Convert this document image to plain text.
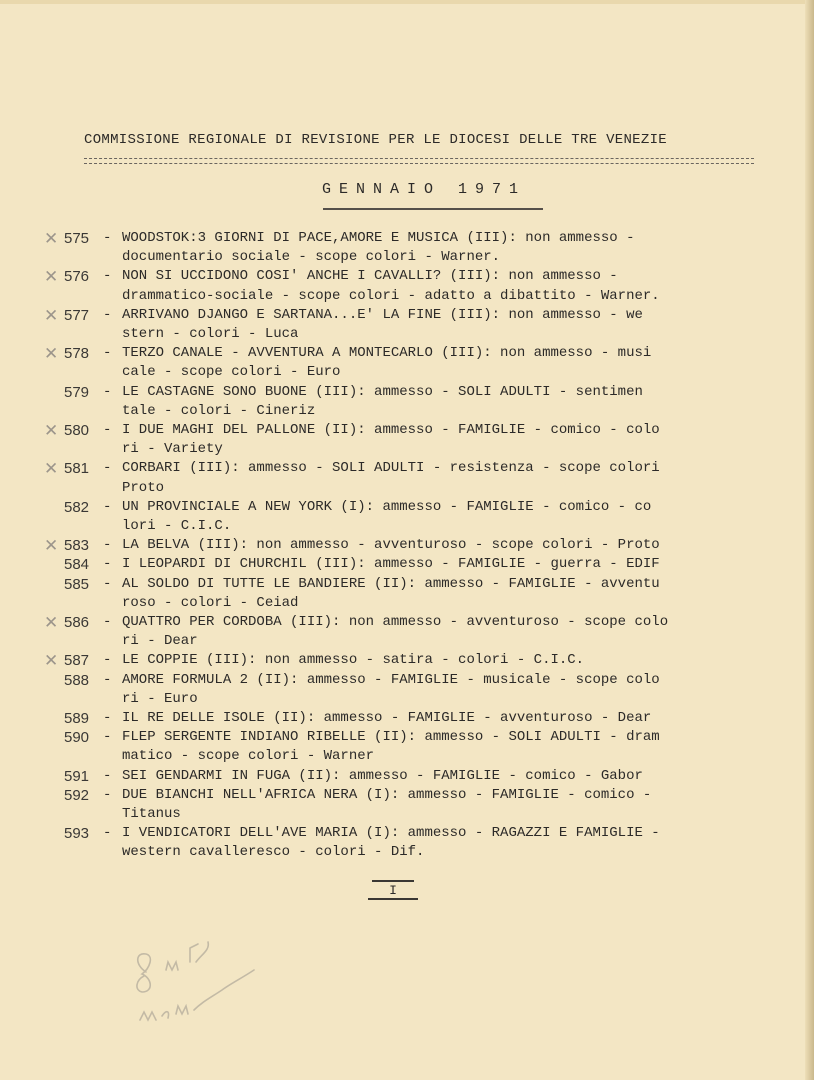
COMMISSIONE REGIONALE DI REVISIONE PER LE DIOCESI DELLE TRE VENEZIE
GENNAIO 1971
✕ 575 - WOODSTOK:3 GIORNI DI PACE,AMORE E MUSICA (III): non ammesso -
documentario sociale - scope colori - Warner.
✕ 576 - NON SI UCCIDONO COSI' ANCHE I CAVALLI? (III): non ammesso -
drammatico-sociale - scope colori - adatto a dibattito - Warner.
✕ 577 - ARRIVANO DJANGO E SARTANA...E' LA FINE (III): non ammesso - we
stern - colori - Luca
✕ 578 - TERZO CANALE - AVVENTURA A MONTECARLO (III): non ammesso - musi
cale - scope colori - Euro
579 - LE CASTAGNE SONO BUONE (III): ammesso - SOLI ADULTI - sentimen
tale - colori - Cineriz
✕ 580 - I DUE MAGHI DEL PALLONE (II): ammesso - FAMIGLIE - comico - colo
ri - Variety
✕ 581 - CORBARI (III): ammesso - SOLI ADULTI - resistenza - scope colori
Proto
582 - UN PROVINCIALE A NEW YORK (I): ammesso - FAMIGLIE - comico - co
lori - C.I.C.
✕ 583 - LA BELVA (III): non ammesso - avventuroso - scope colori - Proto
584 - I LEOPARDI DI CHURCHIL (III): ammesso - FAMIGLIE - guerra - EDIF
585 - AL SOLDO DI TUTTE LE BANDIERE (II): ammesso - FAMIGLIE - avventu
roso - colori - Ceiad
✕ 586 - QUATTRO PER CORDOBA (III): non ammesso - avventuroso - scope colo
ri - Dear
✕ 587 - LE COPPIE (III): non ammesso - satira - colori - C.I.C.
588 - AMORE FORMULA 2 (II): ammesso - FAMIGLIE - musicale - scope colo
ri - Euro
589 - IL RE DELLE ISOLE (II): ammesso - FAMIGLIE - avventuroso - Dear
590 - FLEP SERGENTE INDIANO RIBELLE (II): ammesso - SOLI ADULTI - dram
matico - scope colori - Warner
591 - SEI GENDARMI IN FUGA (II): ammesso - FAMIGLIE - comico - Gabor
592 - DUE BIANCHI NELL'AFRICA NERA (I): ammesso - FAMIGLIE - comico -
Titanus
593 - I VENDICATORI DELL'AVE MARIA (I): ammesso - RAGAZZI E FAMIGLIE -
western cavalleresco - colori - Dif.
I
